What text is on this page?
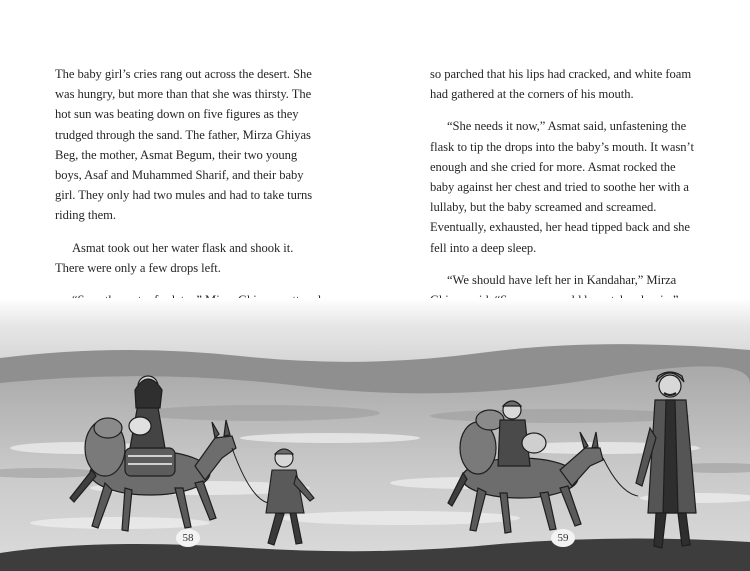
The baby girl’s cries rang out across the desert. She was hungry, but more than that she was thirsty. The hot sun was beating down on five figures as they trudged through the sand. The father, Mirza Ghiyas Beg, the mother, Asmat Begum, their two young boys, Asaf and Muhammed Sharif, and their baby girl. They only had two mules and had to take turns riding them.

Asmat took out her water flask and shook it. There were only a few drops left.

so parched that his lips had cracked, and white foam had gathered at the corners of his mouth.

“She needs it now,” Asmat said, unfastening the flask to tip the drops into the baby’s mouth. It wasn’t enough and she cried for more. Asmat rocked the baby against her chest and tried to soothe her with a lullaby, but the baby screamed and screamed. Eventually, exhausted, her head tipped back and she fell into a deep sleep.

“We should have left her in Kandahar,” Mirza

58	59
